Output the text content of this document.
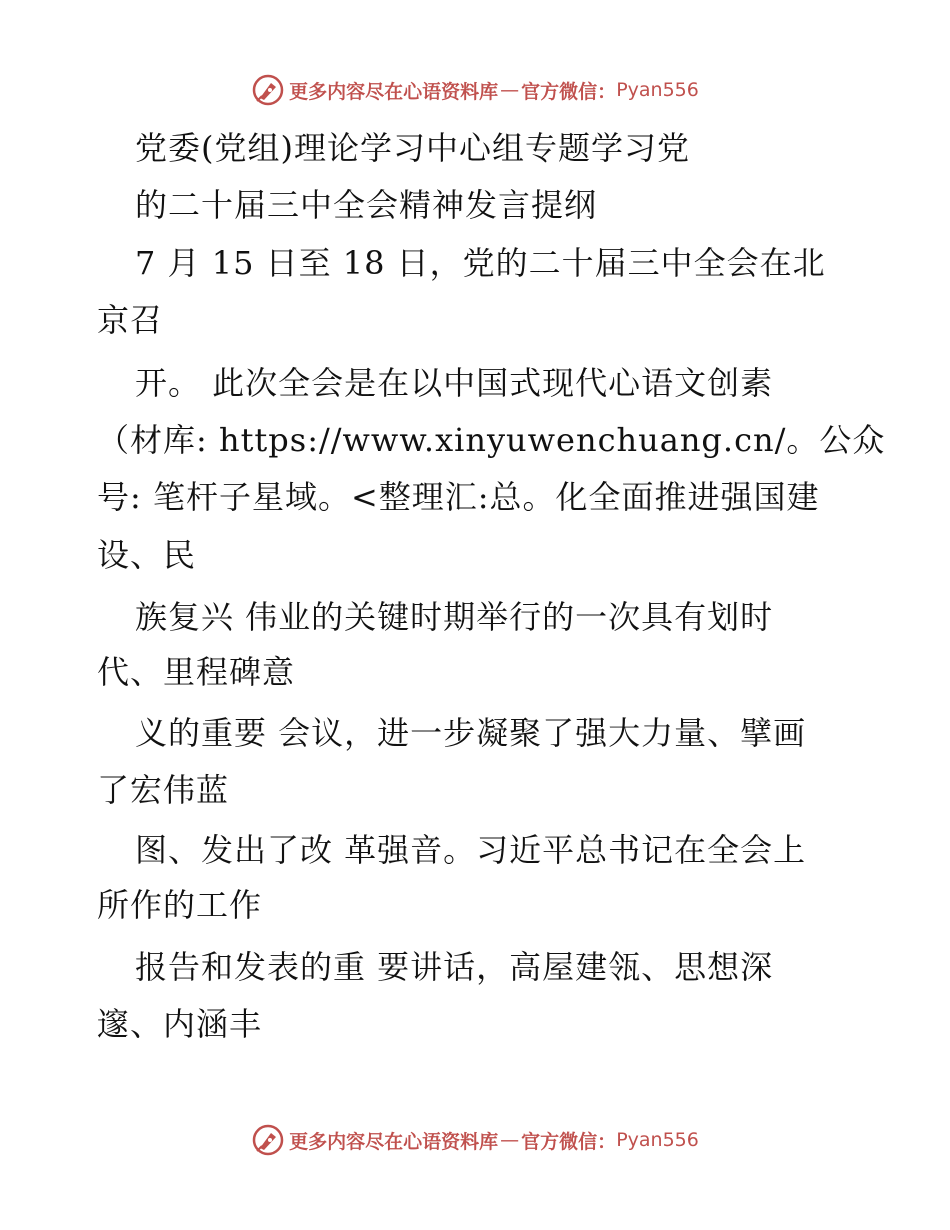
更多内容尽在心语资料库 — 官方微信： Pyan556
党委(党组)理论学习中心组专题学习党
的二十届三中全会精神发言提纲
7 月 15 日至 18 日，党的二十届三中全会在北
京召
开。 此次全会是在以中国式现代心语文创素
（材库: https://www.xinyuwenchuang.cn/。公众
号: 笔杆子星域。<整理汇:总。化全面推进强国建
设、民
族复兴 伟业的关键时期举行的一次具有划时
代、里程碑意
义的重要 会议，进一步凝聚了强大力量、擘画
了宏伟蓝
图、发出了改 革强音。习近平总书记在全会上
所作的工作
报告和发表的重 要讲话，高屋建瓴、思想深
邃、内涵丰
更多内容尽在心语资料库 — 官方微信： Pyan556
